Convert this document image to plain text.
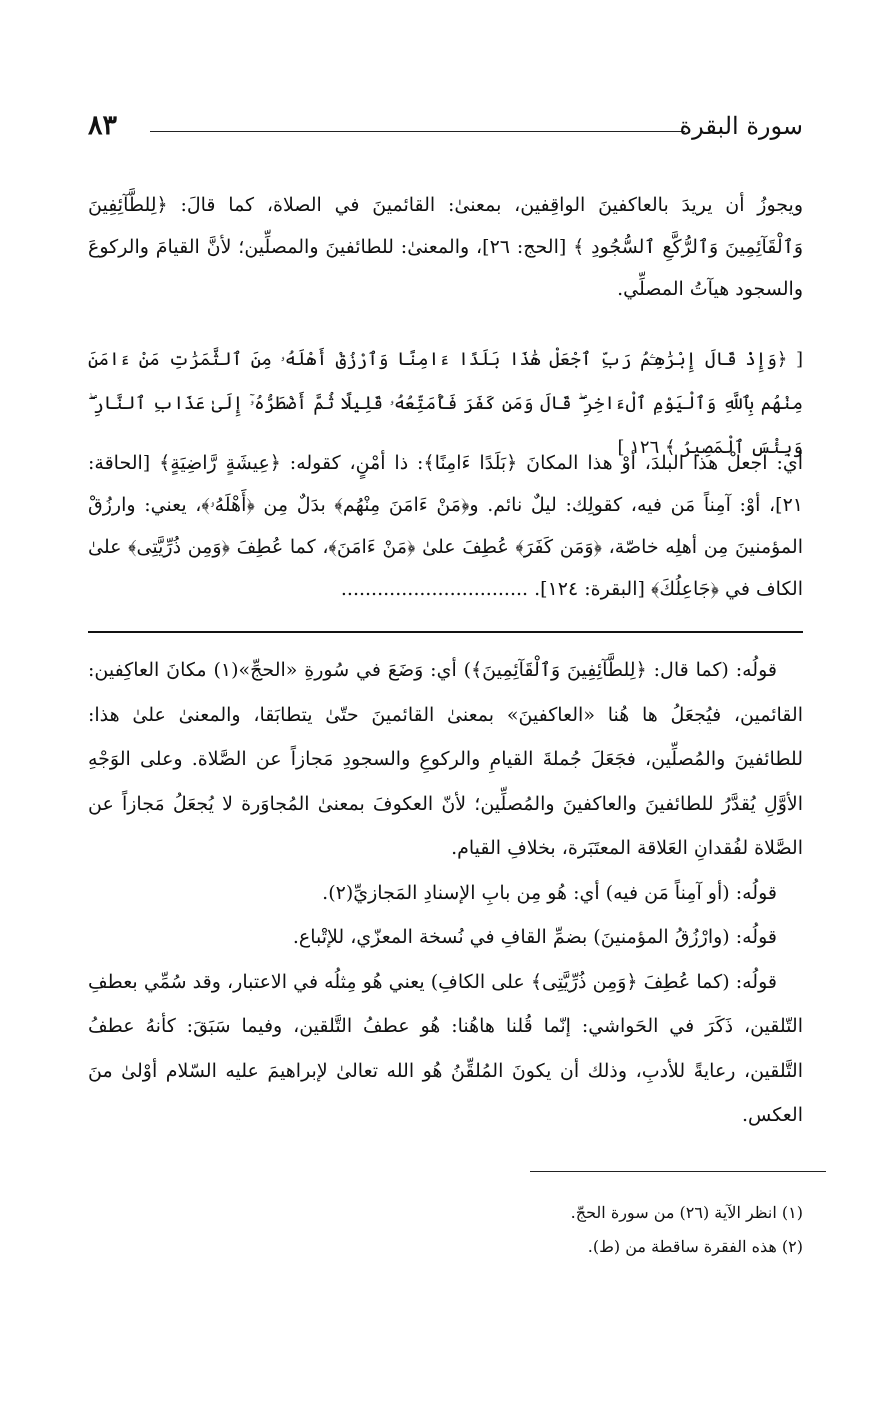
٨٣	سورة البقرة

ويجوزُ أن يريدَ بالعاكفينَ الواقِفين، بمعنىٰ: القائمينَ في الصلاة، كما قالَ: ﴿لِلطَّآئِفِينَ وَٱلْقَآئِمِينَ وَٱلرُّكَّعِ ٱلسُّجُودِ ﴾ [الحج: ٢٦]، والمعنىٰ: للطائفينَ والمصلِّين؛ لأنَّ القيامَ والركوعَ والسجود هيآتُ المصلِّي.

[ ﴿وَإِذْ قَالَ إِبْرَٰهِـۧمُ رَبِّ ٱجْعَلْ هَٰذَا بَلَدًا ءَامِنًا وَٱرْزُقْ أَهْلَهُۥ مِنَ ٱلثَّمَرَٰتِ مَنْ ءَامَنَ مِنْهُم بِٱللَّهِ وَٱلْيَوْمِ ٱلْءَاخِرِ ۖ قَالَ وَمَن كَفَرَ فَأُمَتِّعُهُۥ قَلِيلًا ثُمَّ أَضْطَرُّهُۥٓ إِلَىٰ عَذَابِ ٱلنَّارِ ۖ وَبِئْسَ ٱلْمَصِيرُ ﴾ ١٢٦ ]

أي: اجعلْ هذا البلدَ، أوْ هذا المكانَ ﴿بَلَدًا ءَامِنًا﴾: ذا أمْنٍ، كقوله: ﴿عِيشَةٍ رَّاضِيَةٍ﴾ [الحاقة: ٢١]، أوْ: آمِناً مَن فيه، كقولِك: ليلٌ نائم. و﴿مَنْ ءَامَنَ مِنْهُم﴾ بدَلٌ مِن ﴿أَهْلَهُۥ﴾، يعني: وارزُقْ المؤمنينَ مِن أهلِه خاصّة، ﴿وَمَن كَفَرَ﴾ عُطِفَ علىٰ ﴿مَنْ ءَامَنَ﴾، كما عُطِفَ ﴿وَمِن ذُرِّيَّتِى﴾ علىٰ الكاف في ﴿جَاعِلُكَ﴾ [البقرة: ١٢٤]. ...............................

قولُه: (كما قال: ﴿لِلطَّآئِفِينَ وَٱلْقَآئِمِينَ﴾) أي: وَضَعَ في سُورةِ «الحجِّ»(١) مكانَ العاكِفين: القائمين، فيُجعَلُ ها هُنا «العاكفينَ» بمعنىٰ القائمينَ حتّىٰ يتطابَقا، والمعنىٰ علىٰ هذا: للطائفينَ والمُصلِّين، فجَعَلَ جُملةَ القيامِ والركوعِ والسجودِ مَجازاً عن الصَّلاة. وعلى الوَجْهِ الأوَّلِ يُقدَّرُ للطائفينَ والعاكفينَ والمُصلِّين؛ لأنّ العكوفَ بمعنىٰ المُجاوَرة لا يُجعَلُ مَجازاً عن الصَّلاة لفُقدانِ العَلاقة المعتَبَرة، بخلافِ القيام.

قولُه: (أو آمِناً مَن فيه) أي: هُو مِن بابِ الإسنادِ المَجازيِّ(٢).

قولُه: (وارْزُقُ المؤمنينَ) بضمِّ القافِ في نُسخة المعزّي، للإتْباع.

قولُه: (كما عُطِفَ ﴿وَمِن ذُرِّيَّتِى﴾ على الكافِ) يعني هُو مِثلُه في الاعتبار، وقد سُمِّي بعطفِ التّلقين، ذَكَرَ في الحَواشي: إنّما قُلنا هاهُنا: هُو عطفُ التَّلقين، وفيما سَبَقَ: كأنهُ عطفُ التَّلقين، رعايةً للأدبِ، وذلك أن يكونَ المُلقِّنُ هُو الله تعالىٰ لإبراهيمَ عليه السّلام أوْلىٰ منَ العكس.

(١) انظر الآية (٢٦) من سورة الحجّ.

(٢) هذه الفقرة ساقطة من (ط).
